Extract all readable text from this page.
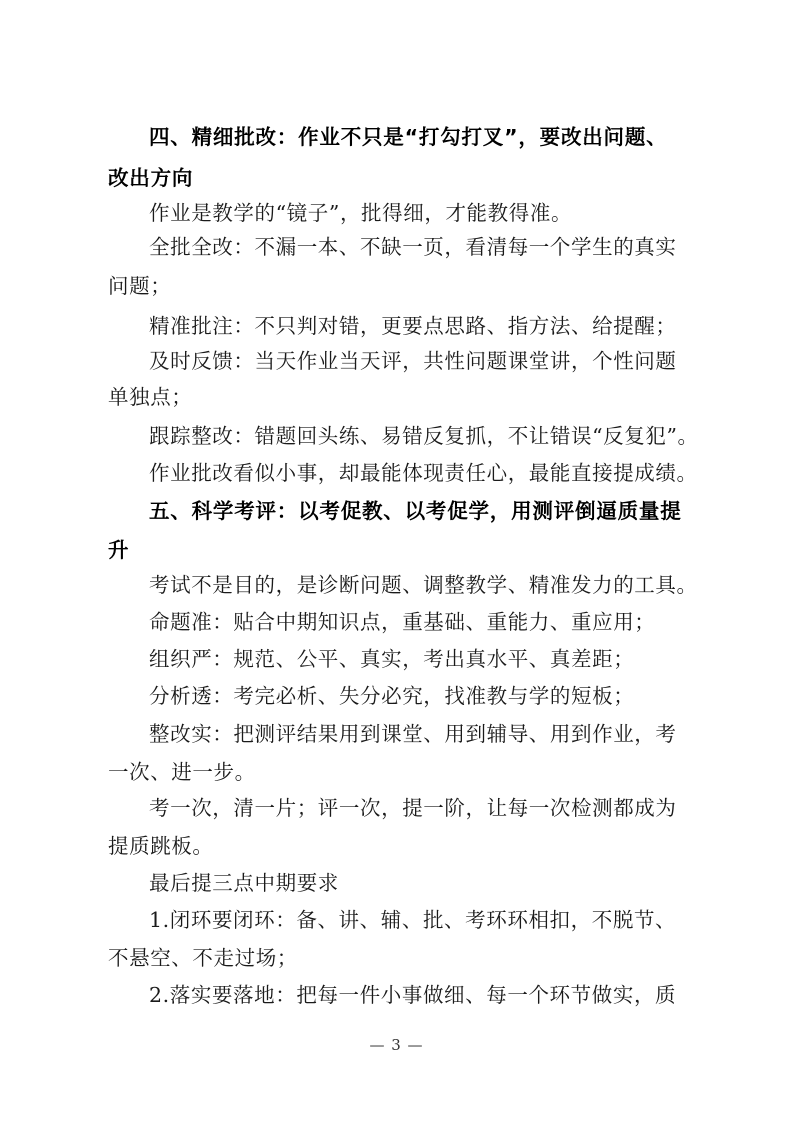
四、精细批改：作业不只是“打勾打叉”，要改出问题、
改出方向
作业是教学的“镜子”，批得细，才能教得准。
全批全改：不漏一本、不缺一页，看清每一个学生的真实
问题；
精准批注：不只判对错，更要点思路、指方法、给提醒；
及时反馈：当天作业当天评，共性问题课堂讲，个性问题
单独点；
跟踪整改：错题回头练、易错反复抓，不让错误“反复犯”。
作业批改看似小事，却最能体现责任心，最能直接提成绩。
五、科学考评：以考促教、以考促学，用测评倒逼质量提
升
考试不是目的，是诊断问题、调整教学、精准发力的工具。
命题准：贴合中期知识点，重基础、重能力、重应用；
组织严：规范、公平、真实，考出真水平、真差距；
分析透：考完必析、失分必究，找准教与学的短板；
整改实：把测评结果用到课堂、用到辅导、用到作业，考
一次、进一步。
考一次，清一片；评一次，提一阶，让每一次检测都成为
提质跳板。
最后提三点中期要求
1.闭环要闭环：备、讲、辅、批、考环环相扣，不脱节、
不悬空、不走过场；
2.落实要落地：把每一件小事做细、每一个环节做实，质
— 3 —
